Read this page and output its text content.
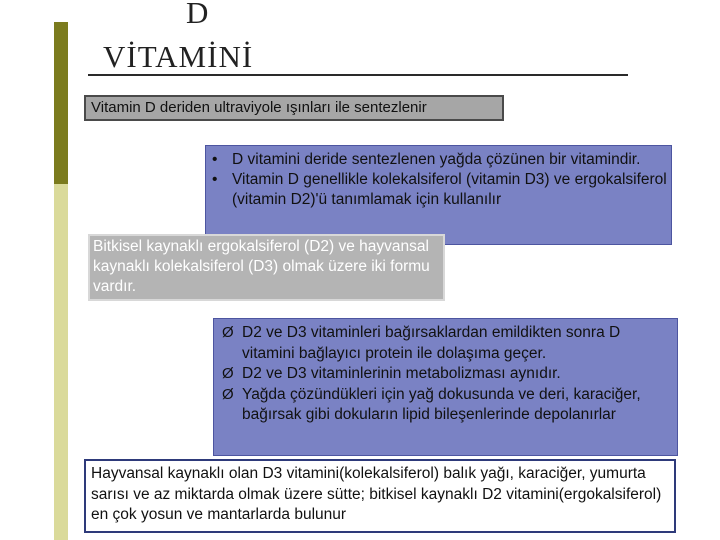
D
VİTAMİNİ
Vitamin D deriden ultraviyole ışınları ile sentezlenir
• D vitamini deride sentezlenen yağda çözünen bir vitamindir.
• Vitamin D genellikle kolekalsiferol (vitamin D3) ve ergokalsiferol (vitamin D2)'ü tanımlamak için kullanılır
Bitkisel kaynaklı ergokalsiferol (D2) ve hayvansal kaynaklı kolekalsiferol (D3) olmak üzere iki formu vardır.
Ø D2 ve D3 vitaminleri bağırsaklardan emildikten sonra D vitamini bağlayıcı protein ile dolaşıma geçer.
Ø D2 ve D3 vitaminlerinin metabolizması aynıdır.
Ø Yağda çözündükleri için yağ dokusunda ve deri, karaciğer, bağırsak gibi dokuların lipid bileşenlerinde depolanırlar
Hayvansal kaynaklı olan D3 vitamini(kolekalsiferol) balık yağı, karaciğer, yumurta sarısı ve az miktarda olmak üzere sütte; bitkisel kaynaklı D2 vitamini(ergokalsiferol) en çok yosun ve mantarlarda bulunur
